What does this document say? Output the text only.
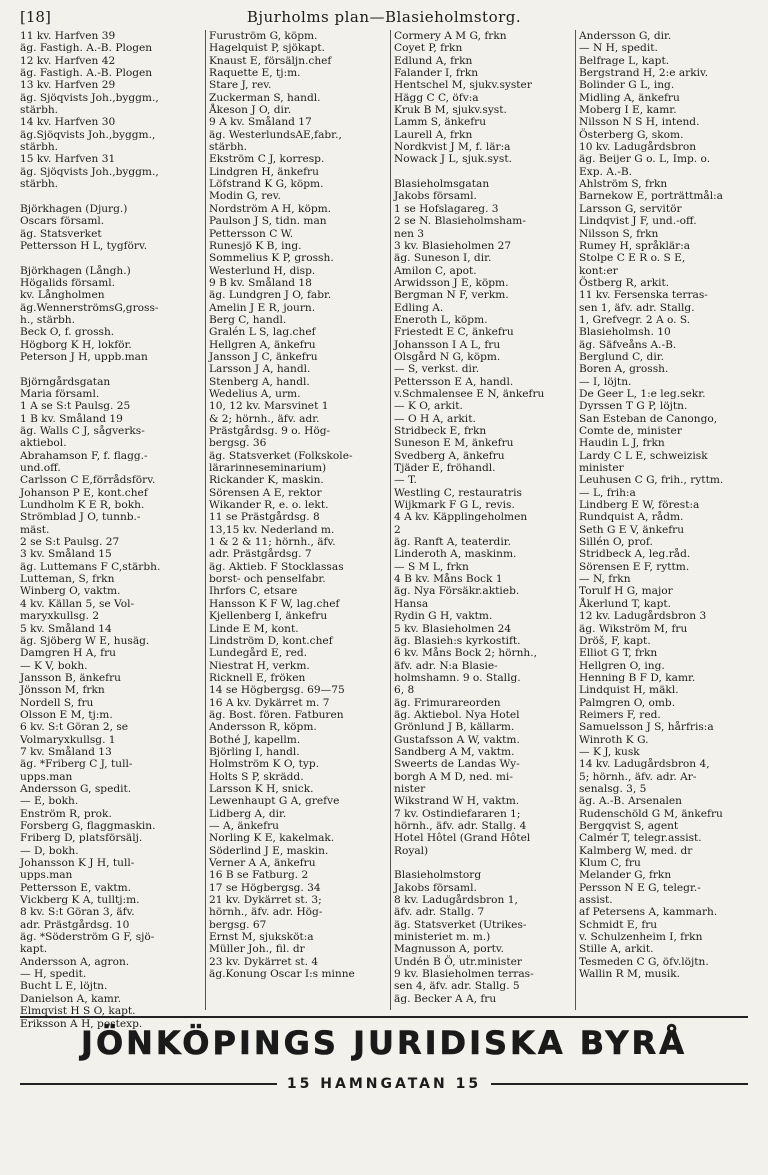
[18]	Bjurholms plan—Blasieholmstorg.
11 kv. Harfven 39
äg. Fastigh. A.-B. Plogen
12 kv. Harfven 42
äg. Fastigh. A.-B. Plogen
13 kv. Harfven 29
äg. Sjöqvists Joh.,byggm.,
stärbh.
14 kv. Harfven 30
äg.Sjöqvists Joh.,byggm.,
stärbh.
15 kv. Harfven 31
äg. Sjöqvists Joh.,byggm.,
stärbh.
Björkhagen (Djurg.)
Oscars församl.
äg. Statsverket
Pettersson H L, tygförv.
Björkhagen (Långh.)
Högalids församl.
kv. Långholmen
äg.WennerströmsG,gross-
h., stärbh.
Beck O, f. grossh.
Högborg K H, lokför.
Peterson J H, uppb.man
Björngårdsgatan
Maria församl.
1 A se S:t Paulsg. 25
1 B kv. Småland 19
äg. Walls C J, sågverks-
aktiebol.
Abrahamson F, f. flagg.-
und.off.
Carlsson C E,förrådsförv.
Johanson P E, kont.chef
Lundholm K E R, bokh.
Strömblad J O, tunnb.-
mäst.
2 se S:t Paulsg. 27
3 kv. Småland 15
äg. Luttemans F C,stärbh.
Lutteman, S, frkn
Winberg O, vaktm.
4 kv. Källan 5, se Vol-
maryxkullsg. 2
5 kv. Småland 14
äg. Sjöberg W E, husäg.
Damgren H A, fru
— K V, bokh.
Jansson B, änkefru
Jönsson M, frkn
Nordell S, fru
Olsson E M, tj:m.
6 kv. S:t Göran 2, se
Volmaryxkullsg. 1
7 kv. Småland 13
äg. *Friberg C J, tull-
upps.man
Andersson G, spedit.
— E, bokh.
Enström R, prok.
Forsberg G, flaggmaskin.
Friberg D, platsförsälj.
— D, bokh.
Johansson K J H, tull-
upps.man
Pettersson E, vaktm.
Vickberg K A, tulltj:m.
8 kv. S:t Göran 3, äfv.
adr. Prästgårdsg. 10
äg. *Söderström G F, sjö-
kapt.
Andersson A, agron.
— H, spedit.
Bucht L E, löjtn.
Danielson A, kamr.
Elmqvist H S O, kapt.
Eriksson A H, postexp.
Furuström G, köpm.
Hagelquist P, sjökapt.
Knaust E, försäljn.chef
Raquette E, tj:m.
Stare J, rev.
Zuckerman S, handl.
Åkeson J O, dir.
9 A kv. Småland 17
äg. WesterlundsAE,fabr.,
stärbh.
Ekström C J, korresp.
Lindgren H, änkefru
Löfstrand K G, köpm.
Modin G, rev.
Nordström A H, köpm.
Paulson J S, tidn. man
Pettersson C W.
Runesjö K B, ing.
Sommelius K P, grossh.
Westerlund H, disp.
9 B kv. Småland 18
äg. Lundgren J O, fabr.
Amelin J E R, journ.
Berg C, handl.
Gralén L S, lag.chef
Hellgren A, änkefru
Jansson J C, änkefru
Larsson J A, handl.
Stenberg A, handl.
Wedelius A, urm.
10, 12 kv. Marsvinet 1
& 2; hörnh., äfv. adr.
Prästgårdsg. 9 o. Hög-
bergsg. 36
äg. Statsverket (Folkskole-
lärarinneseminarium)
Rickander K, maskin.
Sörensen A E, rektor
Wikander R, e. o. lekt.
11 se Prästgårdsg. 8
13,15 kv. Nederland m.
1 & 2 & 11; hörnh., äfv.
adr. Prästgårdsg. 7
äg. Aktieb. F Stocklassas
borst- och penselfabr.
Ihrfors C, etsare
Hansson K F W, lag.chef
Kjellenberg I, änkefru
Linde E M, kont.
Lindström D, kont.chef
Lundegård E, red.
Niestrat H, verkm.
Ricknell E, fröken
14 se Högbergsg. 69—75
16 A kv. Dykärret m. 7
äg. Bost. fören. Fatburen
Andersson R, köpm.
Bothé J, kapellm.
Björling I, handl.
Holmström K O, typ.
Holts S P, skrädd.
Larsson K H, snick.
Lewenhaupt G A, grefve
Lidberg A, dir.
— A, änkefru
Norling K E, kakelmak.
Söderlind J E, maskin.
Verner A A, änkefru
16 B se Fatburg. 2
17 se Högbergsg. 34
21 kv. Dykärret st. 3;
hörnh., äfv. adr. Hög-
bergsg. 67
Ernst M, sjuksköt:a
Müller Joh., fil. dr
23 kv. Dykärret st. 4
äg.Konung Oscar I:s minne
Cormery A M G, frkn
Coyet P, frkn
Edlund A, frkn
Falander I, frkn
Hentschel M, sjukv.syster
Hägg C C, öfv:a
Kruk B M, sjukv.syst.
Lamm S, änkefru
Laurell A, frkn
Nordkvist J M, f. lär:a
Nowack J L, sjuk.syst.
Blasieholmsgatan
Jakobs församl.
1 se Hofslagareg. 3
2 se N. Blasieholmsham-
nen 3
3 kv. Blasieholmen 27
äg. Suneson I, dir.
Amilon C, apot.
Arwidsson J E, köpm.
Bergman N F, verkm.
Edling A.
Eneroth L, köpm.
Friestedt E C, änkefru
Johansson I A L, fru
Olsgård N G, köpm.
— S, verkst. dir.
Pettersson E A, handl.
v.Schmalensee E N, änkefru
— K O, arkit.
— O H A, arkit.
Stridbeck E, frkn
Suneson E M, änkefru
Svedberg A, änkefru
Tjäder E, fröhandl.
— T.
Westling C, restauratris
Wijkmark F G L, revis.
4 A kv. Käpplingeholmen
2
äg. Ranft A, teaterdir.
Linderoth A, maskinm.
— S M L, frkn
4 B kv. Måns Bock 1
äg. Nya Försäkr.aktieb.
Hansa
Rydin G H, vaktm.
5 kv. Blasieholmen 24
äg. Blasieh:s kyrkostift.
6 kv. Måns Bock 2; hörnh.,
äfv. adr. N:a Blasie-
holmshamn. 9 o. Stallg.
6, 8
äg. Frimurareorden
äg. Aktiebol. Nya Hotel
Grönlund J B, källarm.
Gustafsson A W, vaktm.
Sandberg A M, vaktm.
Sweerts de Landas Wy-
borgh A M D, ned. mi-
nister
Wikstrand W H, vaktm.
7 kv. Ostindiefararen 1;
hörnh., äfv. adr. Stallg. 4
Hotel Hôtel (Grand Hôtel
Royal)
Blasieholmstorg
Jakobs församl.
8 kv. Ladugårdsbron 1,
äfv. adr. Stallg. 7
äg. Statsverket (Utrikes-
ministeriet m. m.)
Magnusson A, portv.
Undén B Ö, utr.minister
9 kv. Blasieholmen terras-
sen 4, äfv. adr. Stallg. 5
äg. Becker A A, fru
Andersson G, dir.
— N H, spedit.
Belfrage L, kapt.
Bergstrand H, 2:e arkiv.
Bolinder G L, ing.
Midling A, änkefru
Moberg I E, kamr.
Nilsson N S H, intend.
Österberg G, skom.
10 kv. Ladugårdsbron
äg. Beijer G o. L, Imp. o.
Exp. A.-B.
Ahlström S, frkn
Barnekow E, porträttmål:a
Larsson G, servitör
Lindqvist J F, und.-off.
Nilsson S, frkn
Rumey H, språklär:a
Stolpe C E R o. S E,
kont:er
Östberg R, arkit.
11 kv. Fersenska terras-
sen 1, äfv. adr. Stallg.
1, Grefvegr. 2 A o. S.
Blasieholmsh. 10
äg. Säfveåns A.-B.
Berglund C, dir.
Boren A, grossh.
— I, löjtn.
De Geer L, 1:e leg.sekr.
Dyrssen T G P, löjtn.
San Esteban de Canongo,
Comte de, minister
Haudin L J, frkn
Lardy C L E, schweizisk
minister
Leuhusen C G, frih., ryttm.
— L, frih:a
Lindberg E W, förest:a
Rundquist A, rådm.
Seth G E V, änkefru
Sillén O, prof.
Stridbeck A, leg.råd.
Sörensen E F, ryttm.
— N, frkn
Torulf H G, major
Åkerlund T, kapt.
12 kv. Ladugårdsbron 3
äg. Wikström M, fru
Dröš, F, kapt.
Elliot G T, frkn
Hellgren O, ing.
Henning B F D, kamr.
Lindquist H, mäkl.
Palmgren O, omb.
Reimers F, red.
Samuelsson J S, hårfris:a
Winroth K G.
— K J, kusk
14 kv. Ladugårdsbron 4,
5; hörnh., äfv. adr. Ar-
senalsg. 3, 5
äg. A.-B. Arsenalen
Rudenschöld G M, änkefru
Bergqvist S, agent
Calmér T, telegr.assist.
Kalmberg W, med. dr
Klum C, fru
Melander G, frkn
Persson N E G, telegr.-
assist.
af Petersens A, kammarh.
Schmidt E, fru
v. Schulzenheim I, frkn
Stille A, arkit.
Tesmeden C G, öfv.löjtn.
Wallin R M, musik.
JÖNKÖPINGS JURIDISKA BYRÅ
15 HAMNGATAN 15
